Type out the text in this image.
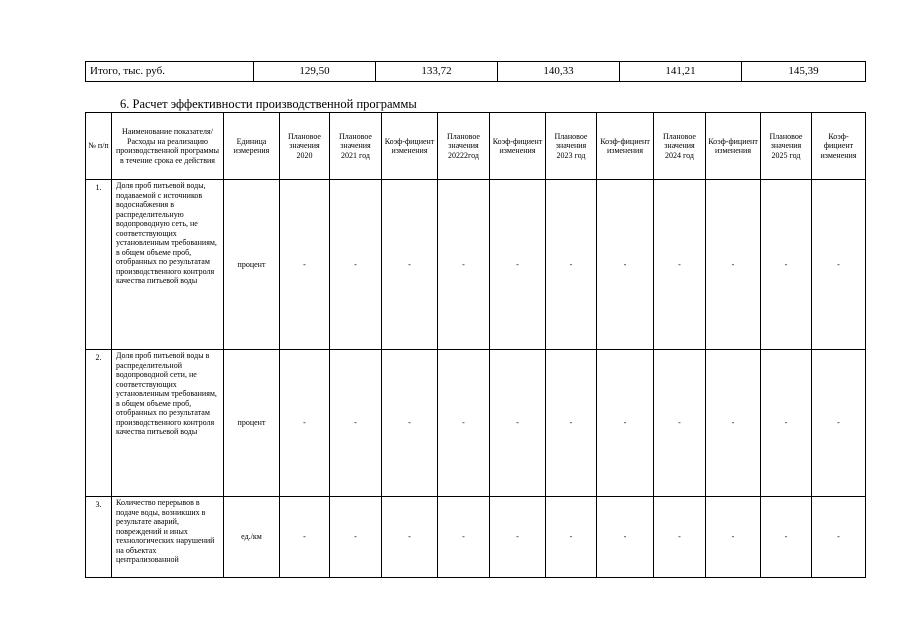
Итого, тыс. руб.	129,50	133,72	140,33	141,21	145,39
6. Расчет эффективности производственной программы
№ п/п	Наименование показателя/Расходы на реализацию производственной программы в течение срока ее действия	Единица измерения	Плановое значения 2020	Плановое значения 2021 год	Коэф-фициент изменения	Плановое значения 20222год	Коэф-фициент изменения	Плановое значения 2023 год	Коэф-фициент изменения	Плановое значения 2024 год	Коэф-фициент изменения	Плановое значения 2025 год	Коэф-фициент изменения
1.	Доля проб питьевой воды, подаваемой с источников водоснабжения в распределительную водопроводную сеть, не соответствующих установленным требованиям, в общем объеме проб, отобранных по результатам производственного контроля качества питьевой воды	процент	-	-	-	-	-	-	-	-	-	-	-
2.	Доля проб питьевой воды в распределительной водопроводной сети, не соответствующих установленным требованиям, в общем объеме проб, отобранных по результатам производственного контроля качества питьевой воды	процент	-	-	-	-	-	-	-	-	-	-	-
3.	Количество перерывов в подаче воды, возникших в результате аварий, повреждений и иных технологических нарушений на объектах централизованной	ед./км	-	-	-	-	-	-	-	-	-	-	-
